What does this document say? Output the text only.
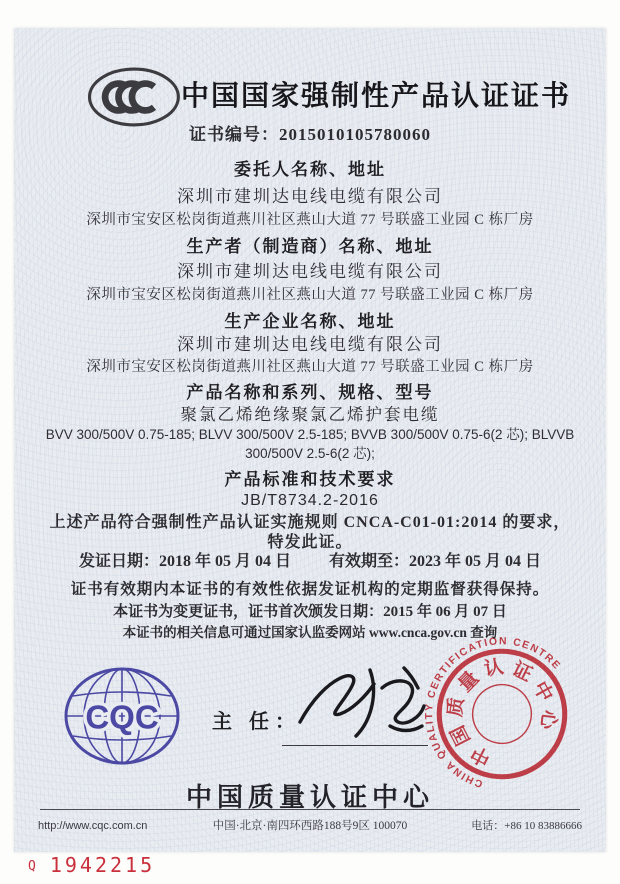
中国国家强制性产品认证证书
证书编号：2015010105780060
委托人名称、地址
深圳市建圳达电线电缆有限公司
深圳市宝安区松岗街道燕川社区燕山大道 77 号联盛工业园 C 栋厂房
生产者（制造商）名称、地址
深圳市建圳达电线电缆有限公司
深圳市宝安区松岗街道燕川社区燕山大道 77 号联盛工业园 C 栋厂房
生产企业名称、地址
深圳市建圳达电线电缆有限公司
深圳市宝安区松岗街道燕川社区燕山大道 77 号联盛工业园 C 栋厂房
产品名称和系列、规格、型号
聚氯乙烯绝缘聚氯乙烯护套电缆
BVV 300/500V 0.75-185; BLVV 300/500V 2.5-185; BVVB 300/500V 0.75-6(2 芯); BLVVB 300/500V 2.5-6(2 芯);
产品标准和技术要求
JB/T8734.2-2016
上述产品符合强制性产品认证实施规则 CNCA-C01-01:2014 的要求，
特发此证。
发证日期：2018 年 05 月 04 日 有效期至：2023 年 05 月 04 日
证书有效期内本证书的有效性依据发证机构的定期监督获得保持。
本证书为变更证书，证书首次颁发日期：2015 年 06 月 07 日
本证书的相关信息可通过国家认监委网站 www.cnca.gov.cn 查询
CQC	主 任：
CHINA QUALITY CERTIFICATION CENTRE
中
国
质
量 认 证
中
心
中国质量认证中心
http://www.cqc.com.cn	中国·北京·南四环西路188号9区 100070	电话：+86 10 83886666
Q 1942215
